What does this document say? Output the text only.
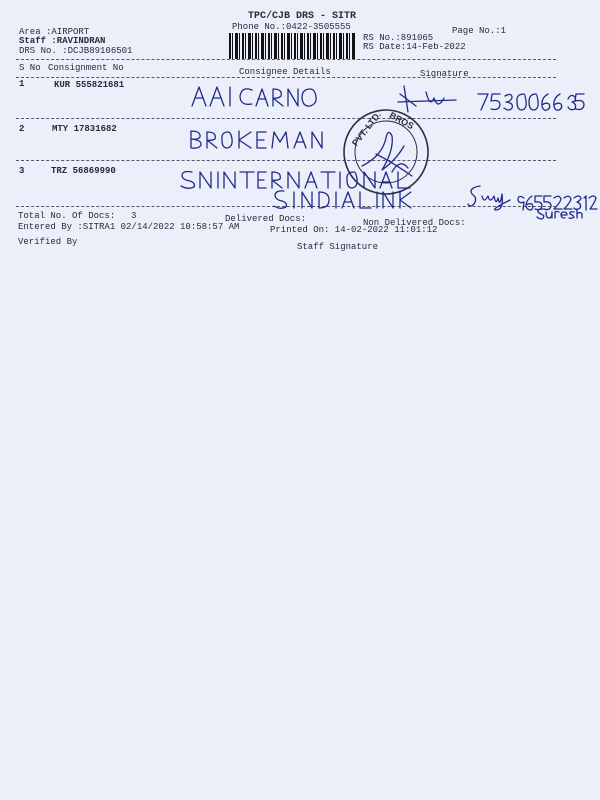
TPC/CJB DRS - SITR
Phone No.:0422-3505555	Page No.:1
Area :AIRPORT
Staff :RAVINDRAN
DRS No. :DCJB89106501
RS No.:891065
RS Date:14-Feb-2022
S No Consignment No	Consignee Details	Signature
1	KUR 555821681
2	MTY 17831682
3	TRZ 56869990
PVT. LTD. BROS
Total No. Of Docs: 3	Delivered Docs:	Non Delivered Docs:
Entered By :SITRA1 02/14/2022 10:58:57 AM	Printed On: 14-02-2022 11:01:12
Verified By	Staff Signature
